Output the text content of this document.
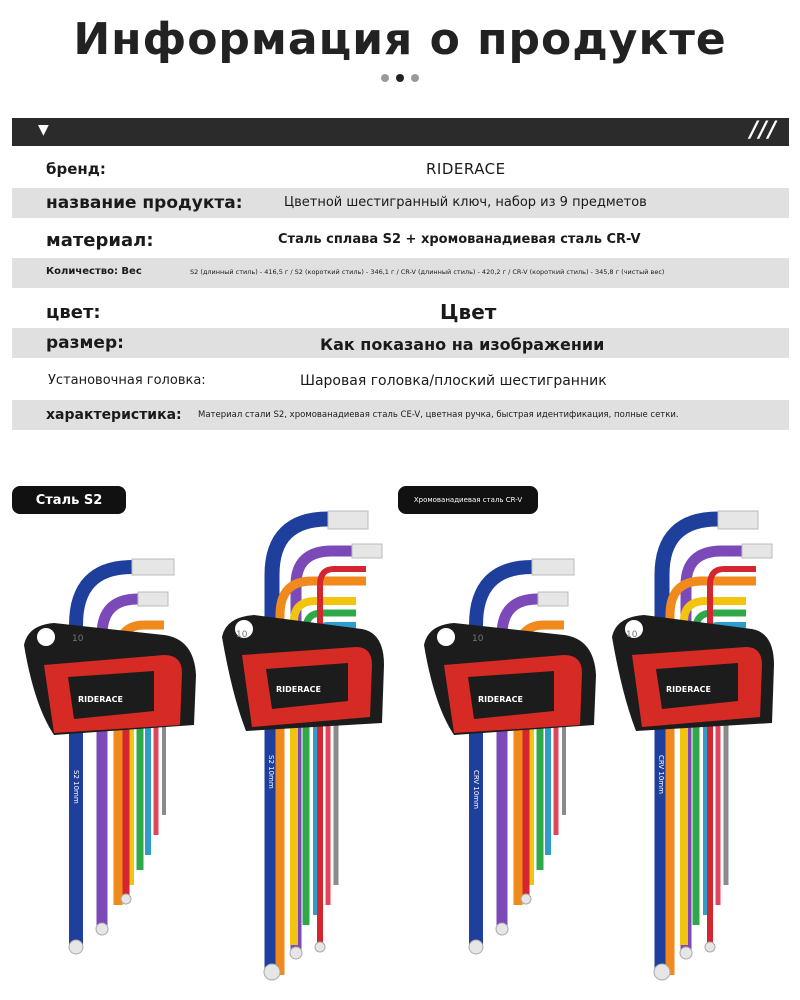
Информация о продукте
▼	///
бренд:	RIDERACE
название продукта:	Цветной шестигранный ключ, набор из 9 предметов
материал:	Сталь сплава S2 + хромованадиевая сталь CR-V
Количество: Вес	S2 (длинный стиль) - 416,5 г / S2 (короткий стиль) - 346,1 г / CR-V (длинный стиль) - 420,2 г / CR-V (короткий стиль) - 345,8 г (чистый вес)
цвет:	Цвет
размер:	Как показано на изображении
Установочная головка:	Шаровая головка/плоский шестигранник
характеристика: Материал стали S2, хромованадиевая сталь CE-V, цветная ручка, быстрая идентификация, полные сетки.
Сталь S2	Хромованадиевая сталь CR-V
RIDERACE
10
S2 10mm
RIDERACE
10
S2 10mm
RIDERACE
10
CRV 10mm
RIDERACE
10
CRV 10mm
